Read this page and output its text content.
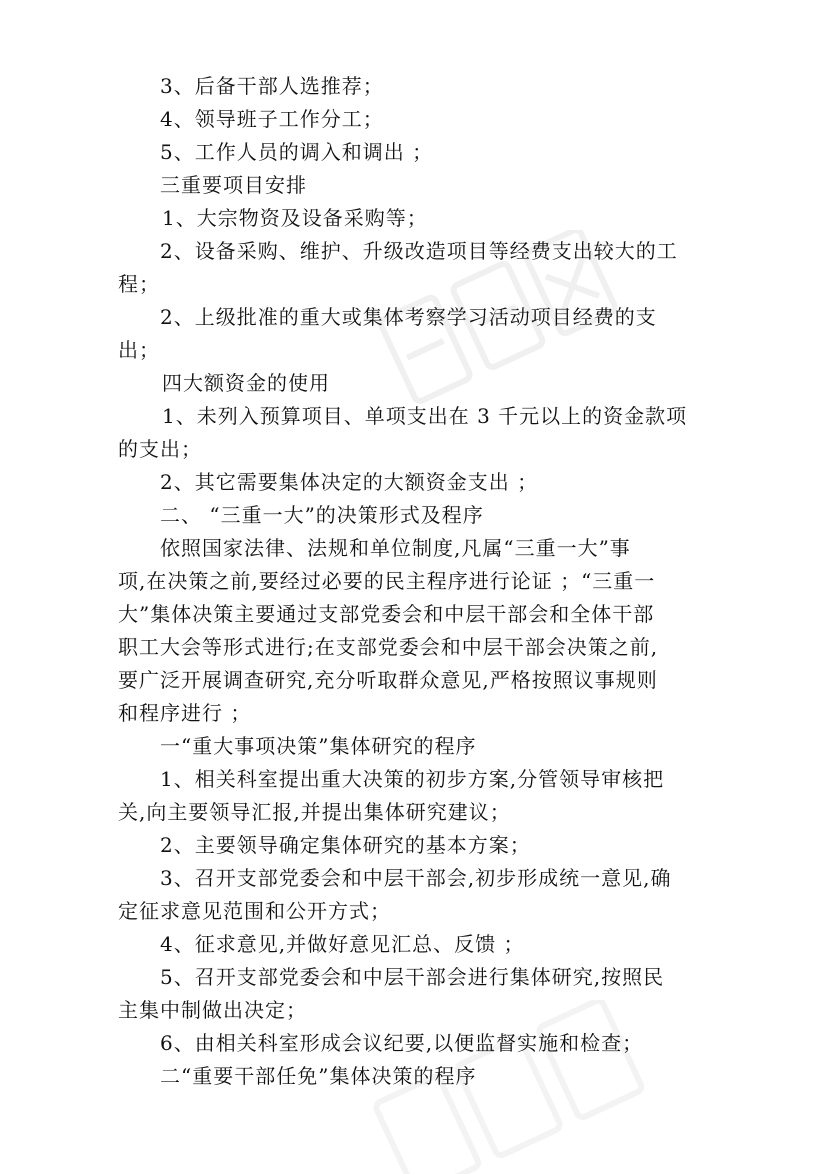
3、后备干部人选推荐；
4、领导班子工作分工；
5、工作人员的调入和调出 ；
三重要项目安排
1、大宗物资及设备采购等；
2、设备采购、维护、升级改造项目等经费支出较大的工
程；
2、上级批准的重大或集体考察学习活动项目经费的支
出；
四大额资金的使用
1、未列入预算项目、单项支出在 3 千元以上的资金款项
的支出；
2、其它需要集体决定的大额资金支出 ；
二、 “三重一大”的决策形式及程序
依照国家法律、法规和单位制度,凡属“三重一大”事
项,在决策之前,要经过必要的民主程序进行论证 ；“三重一
大”集体决策主要通过支部党委会和中层干部会和全体干部
职工大会等形式进行;在支部党委会和中层干部会决策之前,
要广泛开展调查研究,充分听取群众意见,严格按照议事规则
和程序进行 ；
一“重大事项决策”集体研究的程序
1、相关科室提出重大决策的初步方案,分管领导审核把
关,向主要领导汇报,并提出集体研究建议；
2、主要领导确定集体研究的基本方案；
3、召开支部党委会和中层干部会,初步形成统一意见,确
定征求意见范围和公开方式；
4、征求意见,并做好意见汇总、反馈 ；
5、召开支部党委会和中层干部会进行集体研究,按照民
主集中制做出决定；
6、由相关科室形成会议纪要,以便监督实施和检查；
二“重要干部任免”集体决策的程序
